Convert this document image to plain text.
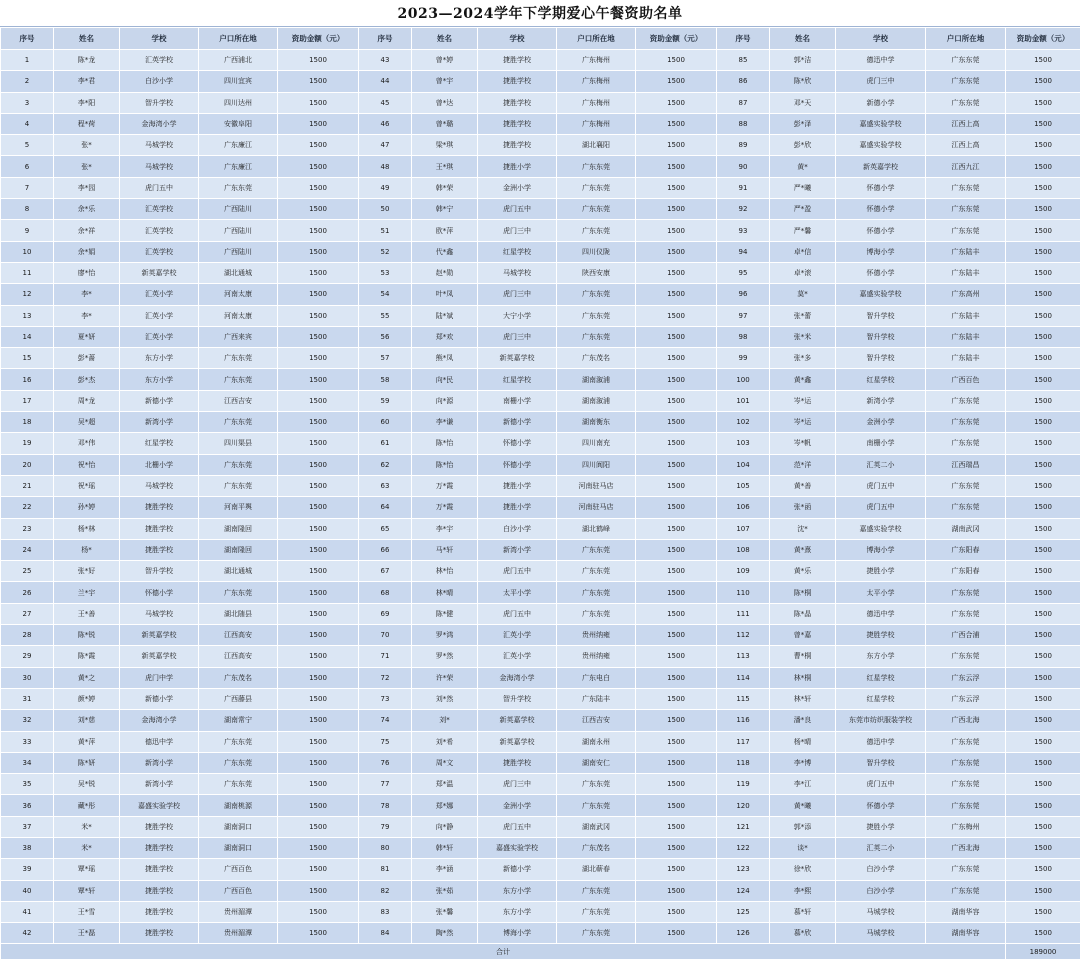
2023—2024学年下学期爱心午餐资助名单
序号	姓名	学校	户口所在地	资助金额（元）	序号	姓名	学校	户口所在地	资助金额（元）	序号	姓名	学校	户口所在地	资助金额（元）
1	陈*龙	汇英学校	广西浦北	1500	43	曾*婷	捷胜学校	广东梅州	1500	85	郭*洁	德迅中学	广东东莞	1500
2	李*君	白沙小学	四川宜宾	1500	44	曾*宇	捷胜学校	广东梅州	1500	86	陈*欣	虎门三中	广东东莞	1500
3	李*阳	智升学校	四川达州	1500	45	曾*达	捷胜学校	广东梅州	1500	87	邓*天	新德小学	广东东莞	1500
4	程*荷	金海湾小学	安徽阜阳	1500	46	曾*璐	捷胜学校	广东梅州	1500	88	彭*泽	嘉盛实验学校	江西上高	1500
5	张*	马城学校	广东廉江	1500	47	梁*琪	捷胜学校	湖北襄阳	1500	89	彭*欣	嘉盛实验学校	江西上高	1500
6	张*	马城学校	广东廉江	1500	48	王*琪	捷胜小学	广东东莞	1500	90	黄*	新英嘉学校	江西九江	1500
7	李*园	虎门五中	广东东莞	1500	49	韩*荣	金洲小学	广东东莞	1500	91	严*曦	怀德小学	广东东莞	1500
8	余*乐	汇英学校	广西陆川	1500	50	韩*宁	虎门五中	广东东莞	1500	92	严*盈	怀德小学	广东东莞	1500
9	余*祥	汇英学校	广西陆川	1500	51	欧*萍	虎门三中	广东东莞	1500	93	严*馨	怀德小学	广东东莞	1500
10	余*娟	汇英学校	广西陆川	1500	52	代*鑫	红星学校	四川仪陇	1500	94	卓*信	博海小学	广东陆丰	1500
11	廖*怡	新英嘉学校	湖北通城	1500	53	赵*勋	马城学校	陕西安康	1500	95	卓*滚	怀德小学	广东陆丰	1500
12	李*	汇英小学	河南太康	1500	54	叶*凤	虎门三中	广东东莞	1500	96	莫*	嘉盛实验学校	广东高州	1500
13	李*	汇英小学	河南太康	1500	55	陆*斌	大宁小学	广东东莞	1500	97	张*蕾	智升学校	广东陆丰	1500
14	夏*妍	汇英小学	广西来宾	1500	56	郑*欢	虎门三中	广东东莞	1500	98	张*米	智升学校	广东陆丰	1500
15	彭*蔷	东方小学	广东东莞	1500	57	熊*凤	新英嘉学校	广东茂名	1500	99	张*多	智升学校	广东陆丰	1500
16	彭*杰	东方小学	广东东莞	1500	58	向*民	红星学校	湖南溆浦	1500	100	黄*鑫	红星学校	广西百色	1500
17	周*龙	新德小学	江西吉安	1500	59	向*源	南栅小学	湖南溆浦	1500	101	岑*运	新湾小学	广东东莞	1500
18	吴*超	新湾小学	广东东莞	1500	60	李*谦	新德小学	湖南衡东	1500	102	岑*运	金洲小学	广东东莞	1500
19	邓*伟	红星学校	四川渠县	1500	61	陈*怡	怀德小学	四川南充	1500	103	岑*帆	南栅小学	广东东莞	1500
20	祝*怡	北栅小学	广东东莞	1500	62	陈*怡	怀德小学	四川阆阳	1500	104	范*洋	汇英二小	江西瑞昌	1500
21	祝*瑶	马城学校	广东东莞	1500	63	万*霞	捷胜小学	河南驻马店	1500	105	黄*善	虎门五中	广东东莞	1500
22	孙*婷	捷胜学校	河南平舆	1500	64	万*霞	捷胜小学	河南驻马店	1500	106	张*函	虎门五中	广东东莞	1500
23	杨*林	捷胜学校	湖南隆回	1500	65	李*宇	白沙小学	湖北鹤峰	1500	107	沈*	嘉盛实验学校	湖南武冈	1500
24	杨*	捷胜学校	湖南隆回	1500	66	马*轩	新湾小学	广东东莞	1500	108	黄*熹	博海小学	广东阳春	1500
25	张*好	智升学校	湖北通城	1500	67	林*怡	虎门五中	广东东莞	1500	109	黄*乐	捷胜小学	广东阳春	1500
26	兰*宇	怀德小学	广东东莞	1500	68	林*晴	太平小学	广东东莞	1500	110	陈*桐	太平小学	广东东莞	1500
27	王*善	马城学校	湖北随县	1500	69	陈*健	虎门五中	广东东莞	1500	111	陈*晶	德迅中学	广东东莞	1500
28	陈*锐	新英嘉学校	江西高安	1500	70	罗*鸿	汇英小学	贵州纳雍	1500	112	曾*嘉	捷胜学校	广西合浦	1500
29	陈*霞	新英嘉学校	江西高安	1500	71	罗*然	汇英小学	贵州纳雍	1500	113	曹*桐	东方小学	广东东莞	1500
30	黄*之	虎门中学	广东茂名	1500	72	许*荣	金海湾小学	广东电白	1500	114	林*桐	红星学校	广东云浮	1500
31	颜*婷	新德小学	广西藤县	1500	73	刘*然	智升学校	广东陆丰	1500	115	林*轩	红星学校	广东云浮	1500
32	刘*慈	金海湾小学	湖南常宁	1500	74	刘*	新英嘉学校	江西吉安	1500	116	潘*良	东莞市纺织服装学校	广西北海	1500
33	黄*萍	德迅中学	广东东莞	1500	75	刘*希	新英嘉学校	湖南永州	1500	117	杨*晴	德迅中学	广东东莞	1500
34	陈*妍	新湾小学	广东东莞	1500	76	周*文	捷胜学校	湖南安仁	1500	118	李*博	智升学校	广东东莞	1500
35	吴*锐	新湾小学	广东东莞	1500	77	郑*温	虎门三中	广东东莞	1500	119	李*江	虎门五中	广东东莞	1500
36	藏*彤	嘉盛实验学校	湖南桃源	1500	78	郑*娜	金洲小学	广东东莞	1500	120	黄*曦	怀德小学	广东东莞	1500
37	米*	捷胜学校	湖南洞口	1500	79	向*静	虎门五中	湖南武冈	1500	121	郭*添	捷胜小学	广东梅州	1500
38	米*	捷胜学校	湖南洞口	1500	80	韩*轩	嘉盛实验学校	广东茂名	1500	122	谈*	汇英二小	广西北海	1500
39	覃*瑶	捷胜学校	广西百色	1500	81	李*涵	新德小学	湖北蕲春	1500	123	徐*欣	白沙小学	广东东莞	1500
40	覃*轩	捷胜学校	广西百色	1500	82	张*茹	东方小学	广东东莞	1500	124	李*熙	白沙小学	广东东莞	1500
41	王*雪	捷胜学校	贵州湄潭	1500	83	张*馨	东方小学	广东东莞	1500	125	慕*轩	马城学校	湖南华容	1500
42	王*磊	捷胜学校	贵州湄潭	1500	84	陶*然	博海小学	广东东莞	1500	126	慕*欣	马城学校	湖南华容	1500
合计														189000
